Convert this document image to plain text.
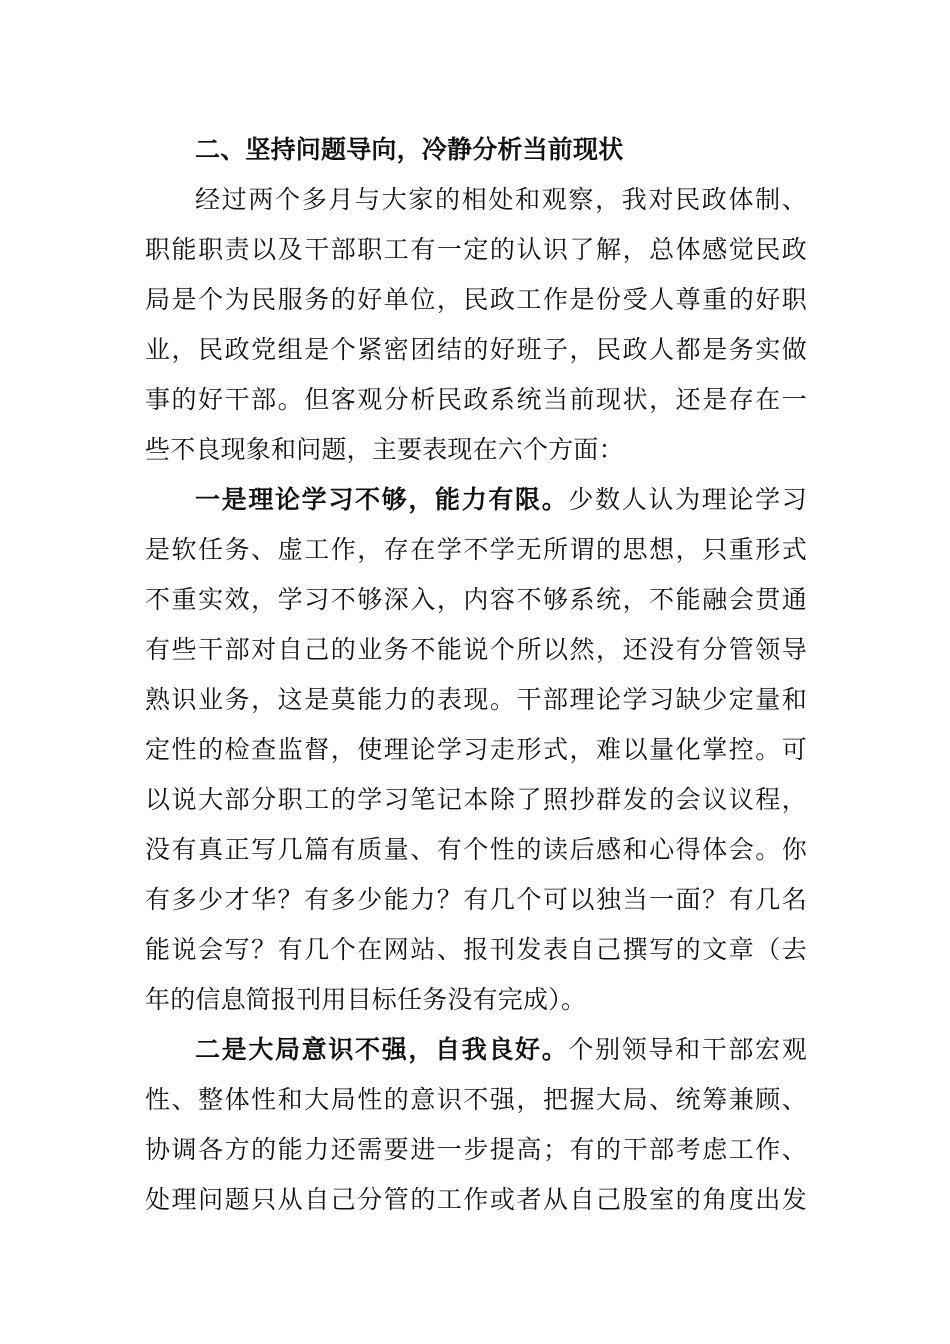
二、坚持问题导向，冷静分析当前现状
经过两个多月与大家的相处和观察，我对民政体制、
职能职责以及干部职工有一定的认识了解，总体感觉民政
局是个为民服务的好单位，民政工作是份受人尊重的好职
业，民政党组是个紧密团结的好班子，民政人都是务实做
事的好干部。但客观分析民政系统当前现状，还是存在一
些不良现象和问题，主要表现在六个方面：
一是理论学习不够，能力有限。少数人认为理论学习
是软任务、虚工作，存在学不学无所谓的思想，只重形式
不重实效，学习不够深入，内容不够系统，不能融会贯通
有些干部对自己的业务不能说个所以然，还没有分管领导
熟识业务，这是莫能力的表现。干部理论学习缺少定量和
定性的检查监督，使理论学习走形式，难以量化掌控。可
以说大部分职工的学习笔记本除了照抄群发的会议议程，
没有真正写几篇有质量、有个性的读后感和心得体会。你
有多少才华？有多少能力？有几个可以独当一面？有几名
能说会写？有几个在网站、报刊发表自己撰写的文章（去
年的信息简报刊用目标任务没有完成）。
二是大局意识不强，自我良好。个别领导和干部宏观
性、整体性和大局性的意识不强，把握大局、统筹兼顾、
协调各方的能力还需要进一步提高；有的干部考虑工作、
处理问题只从自己分管的工作或者从自己股室的角度出发
